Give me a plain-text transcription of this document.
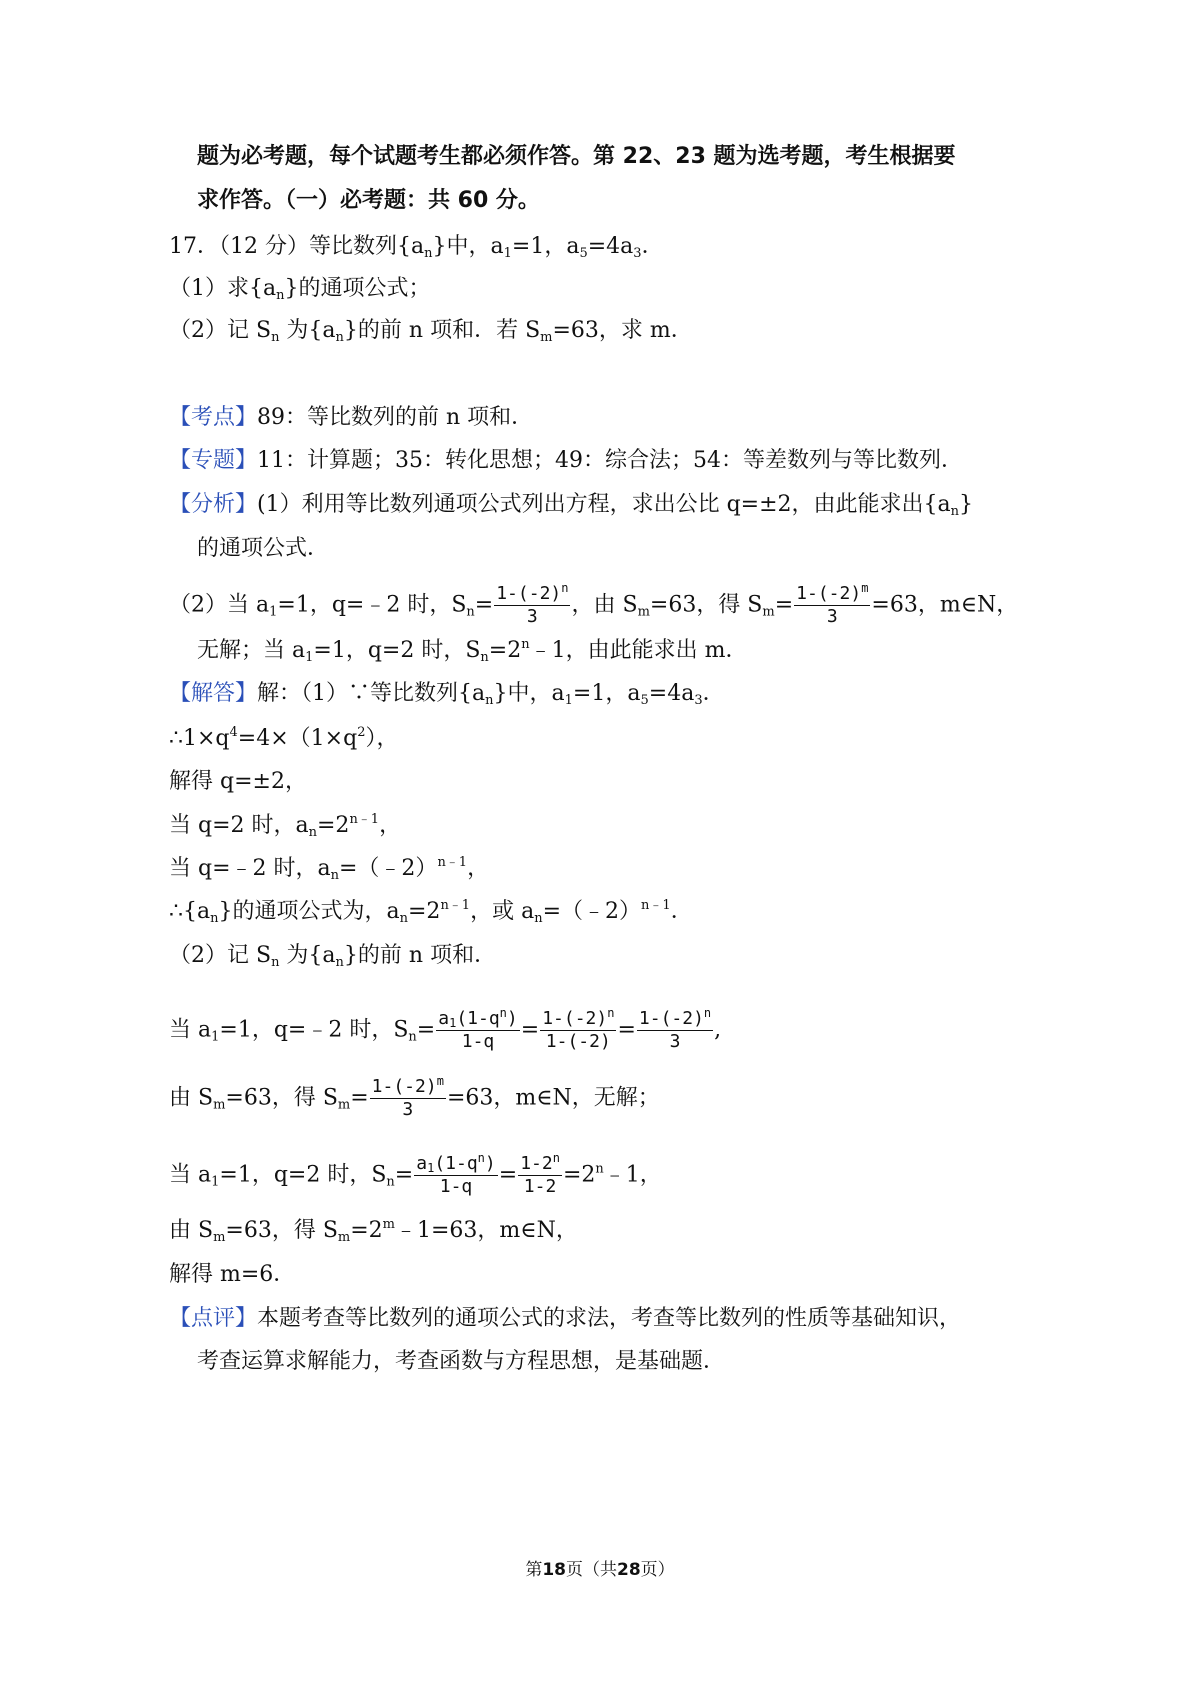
题为必考题，每个试题考生都必须作答。第 22、23 题为选考题，考生根据要
求作答。（一）必考题：共 60 分。
17．（12 分）等比数列$\{a_n\}$中，$a_1=1$，$a_5=4a_3$．
（1）求$\{a_n\}$的通项公式；
（2）记 $S_n$ 为$\{a_n\}$的前 n 项和．若 $S_m=63$，求 m．
【考点】89：等比数列的前 n 项和．
【专题】11：计算题；35：转化思想；49：综合法；54：等差数列与等比数列．
【分析】(1）利用等比数列通项公式列出方程，求出公比 q=±2，由此能求出$\{a_n\}$
的通项公式．
（2）当 $a_1=1$，q=﹣2 时，$S_n= \frac{1-(-2)^n}{3}$ ，由 $S_m=63$，得 $S_m= \frac{1-(-2)^m}{3} =63$，m∈N，
无解；当 $a_1=1$，q=2 时，$S_n=2^n﹣1$，由此能求出 m．
【解答】解：（1）∵等比数列$\{a_n\}$中，$a_1=1$，$a_5=4a_3$．
$\therefore 1\times q^4=4\times(1\times q^2)$，
解得 q=±2，
当 q=2 时，$a_n=2^{n﹣1}$，
当 q=﹣2 时，$a_n=(﹣2)^{n﹣1}$，
$\therefore\{a_n\}$的通项公式为，$a_n=2^{n﹣1}$，或 $a_n=(﹣2)^{n﹣1}$．
（2）记 $S_n$ 为$\{a_n\}$的前 n 项和．
当 $a_1=1$，q=﹣2 时，$S_n= \frac{a_1(1-q^n)}{1-q} = \frac{1-(-2)^n}{1-(-2)} = \frac{1-(-2)^n}{3}$ ,
由 $S_m=63$，得 $S_m= \frac{1-(-2)^m}{3} =63$，m∈N，无解；
当 $a_1=1$，q=2 时，$S_n= \frac{a_1(1-q^n)}{1-q} = \frac{1-2^n}{1-2}$ $=2^n﹣1$，
由 $S_m=63$，得 $S_m=2^m﹣1=63$，m∈N，
解得 m=6．
【点评】本题考查等比数列的通项公式的求法，考查等比数列的性质等基础知识，
考查运算求解能力，考查函数与方程思想，是基础题．
第18页（共28页）
